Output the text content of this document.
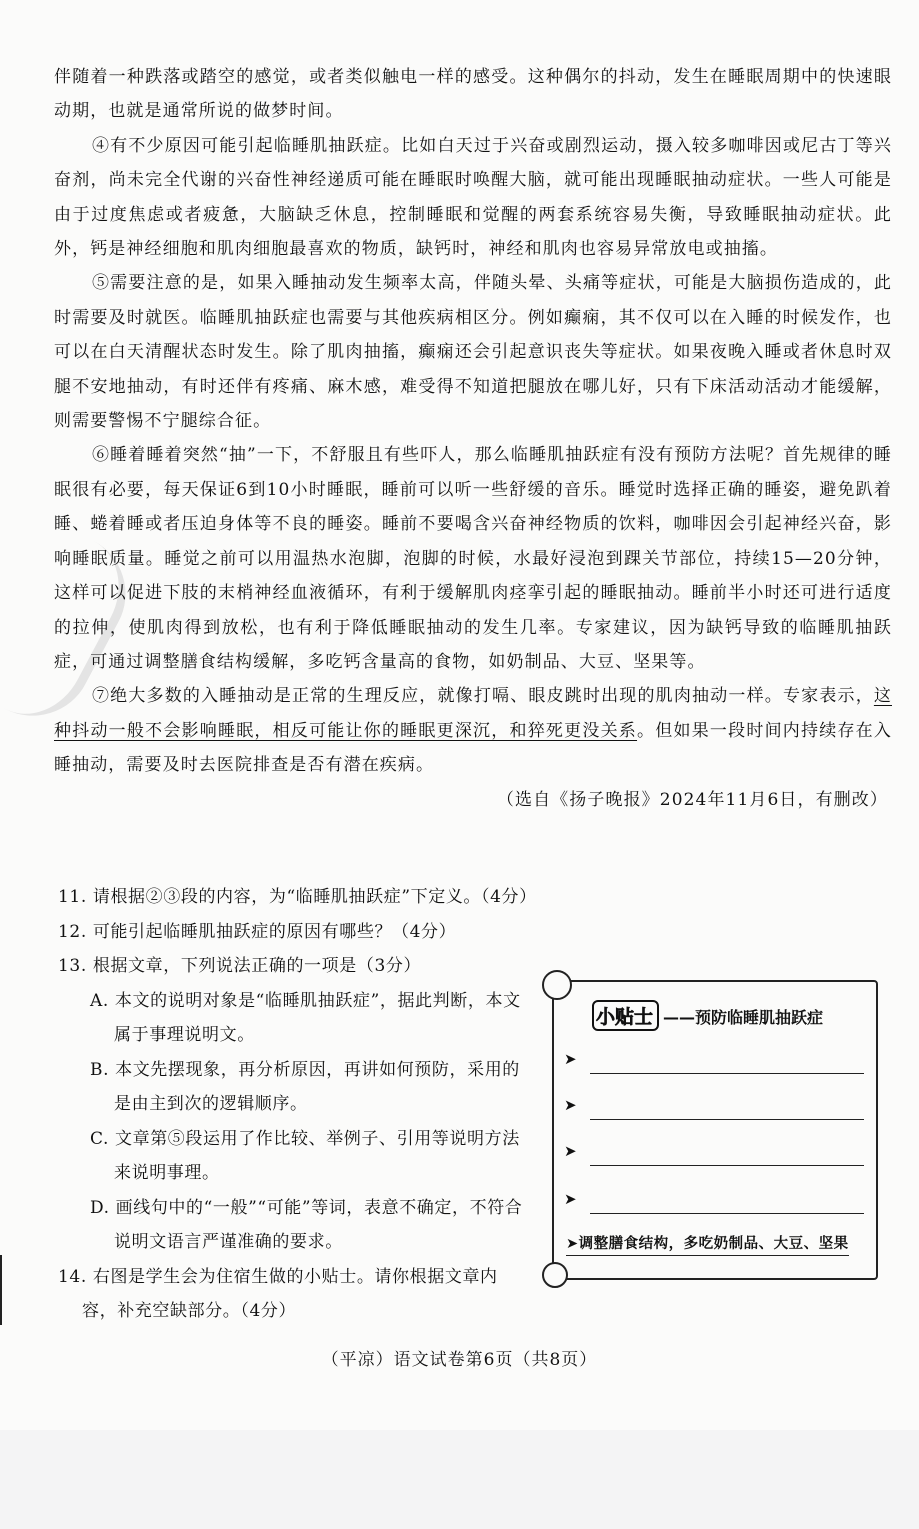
伴随着一种跌落或踏空的感觉，或者类似触电一样的感受。这种偶尔的抖动，发生在睡眠周期中的快速眼动期，也就是通常所说的做梦时间。

④有不少原因可能引起临睡肌抽跃症。比如白天过于兴奋或剧烈运动，摄入较多咖啡因或尼古丁等兴奋剂，尚未完全代谢的兴奋性神经递质可能在睡眠时唤醒大脑，就可能出现睡眠抽动症状。一些人可能是由于过度焦虑或者疲惫，大脑缺乏休息，控制睡眠和觉醒的两套系统容易失衡，导致睡眠抽动症状。此外，钙是神经细胞和肌肉细胞最喜欢的物质，缺钙时，神经和肌肉也容易异常放电或抽搐。

⑤需要注意的是，如果入睡抽动发生频率太高，伴随头晕、头痛等症状，可能是大脑损伤造成的，此时需要及时就医。临睡肌抽跃症也需要与其他疾病相区分。例如癫痫，其不仅可以在入睡的时候发作，也可以在白天清醒状态时发生。除了肌肉抽搐，癫痫还会引起意识丧失等症状。如果夜晚入睡或者休息时双腿不安地抽动，有时还伴有疼痛、麻木感，难受得不知道把腿放在哪儿好，只有下床活动活动才能缓解，则需要警惕不宁腿综合征。

⑥睡着睡着突然“抽”一下，不舒服且有些吓人，那么临睡肌抽跃症有没有预防方法呢？首先规律的睡眠很有必要，每天保证6到10小时睡眠，睡前可以听一些舒缓的音乐。睡觉时选择正确的睡姿，避免趴着睡、蜷着睡或者压迫身体等不良的睡姿。睡前不要喝含兴奋神经物质的饮料，咖啡因会引起神经兴奋，影响睡眠质量。睡觉之前可以用温热水泡脚，泡脚的时候，水最好浸泡到踝关节部位，持续15—20分钟，这样可以促进下肢的末梢神经血液循环，有利于缓解肌肉痉挛引起的睡眠抽动。睡前半小时还可进行适度的拉伸，使肌肉得到放松，也有利于降低睡眠抽动的发生几率。专家建议，因为缺钙导致的临睡肌抽跃症，可通过调整膳食结构缓解，多吃钙含量高的食物，如奶制品、大豆、坚果等。

⑦绝大多数的入睡抽动是正常的生理反应，就像打嗝、眼皮跳时出现的肌肉抽动一样。专家表示，这种抖动一般不会影响睡眠，相反可能让你的睡眠更深沉，和猝死更没关系。但如果一段时间内持续存在入睡抽动，需要及时去医院排查是否有潜在疾病。

（选自《扬子晚报》2024年11月6日，有删改）

11. 请根据②③段的内容，为“临睡肌抽跃症”下定义。（4分）

12. 可能引起临睡肌抽跃症的原因有哪些？（4分）

13. 根据文章，下列说法正确的一项是（3分）

A. 本文的说明对象是“临睡肌抽跃症”，据此判断，本文属于事理说明文。

B. 本文先摆现象，再分析原因，再讲如何预防，采用的是由主到次的逻辑顺序。

C. 文章第⑤段运用了作比较、举例子、引用等说明方法来说明事理。

D. 画线句中的“一般”“可能”等词，表意不确定，不符合说明文语言严谨准确的要求。

14. 右图是学生会为住宿生做的小贴士。请你根据文章内容，补充空缺部分。（4分）

小贴士 ——预防临睡肌抽跃症
➤
➤
➤
➤
➤调整膳食结构，多吃奶制品、大豆、坚果
（平凉）语文试卷第6页（共8页）
